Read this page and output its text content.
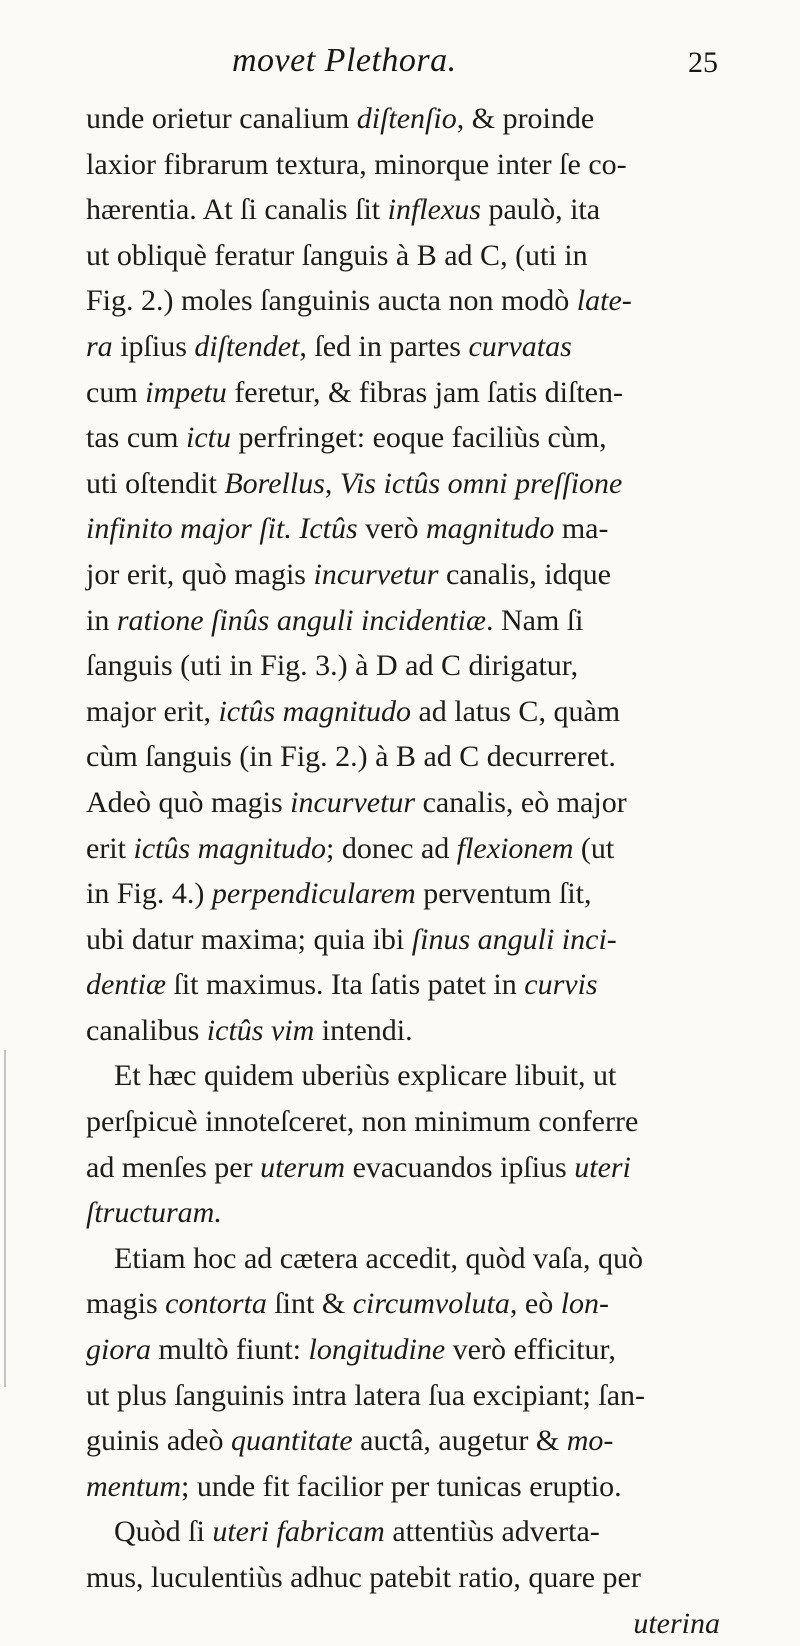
movet Plethora.	25
unde orietur canalium diſtenſio, & proinde
laxior fibrarum textura, minorque inter ſe co-
hærentia. At ſi canalis ſit inflexus paulò, ita
ut obliquè feratur ſanguis à B ad C, (uti in
Fig. 2.) moles ſanguinis aucta non modò late-
ra ipſius diſtendet, ſed in partes curvatas
cum impetu feretur, & fibras jam ſatis diſten-
tas cum ictu perfringet: eoque faciliùs cùm,
uti oſtendit Borellus, Vis ictûs omni preſſione
infinito major ſit. Ictûs verò magnitudo ma-
jor erit, quò magis incurvetur canalis, idque
in ratione ſinûs anguli incidentiæ. Nam ſi
ſanguis (uti in Fig. 3.) à D ad C dirigatur,
major erit, ictûs magnitudo ad latus C, quàm
cùm ſanguis (in Fig. 2.) à B ad C decurreret.
Adeò quò magis incurvetur canalis, eò major
erit ictûs magnitudo; donec ad flexionem (ut
in Fig. 4.) perpendicularem perventum ſit,
ubi datur maxima; quia ibi ſinus anguli inci-
dentiæ ſit maximus. Ita ſatis patet in curvis
canalibus ictûs vim intendi.
Et hæc quidem uberiùs explicare libuit, ut
perſpicuè innoteſceret, non minimum conferre
ad menſes per uterum evacuandos ipſius uteri
ſtructuram.
Etiam hoc ad cætera accedit, quòd vaſa, quò
magis contorta ſint & circumvoluta, eò lon-
giora multò fiunt: longitudine verò efficitur,
ut plus ſanguinis intra latera ſua excipiant; ſan-
guinis adeò quantitate auctâ, augetur & mo-
mentum; unde fit facilior per tunicas eruptio.
Quòd ſi uteri fabricam attentiùs adverta-
mus, luculentiùs adhuc patebit ratio, quare per
uterina
